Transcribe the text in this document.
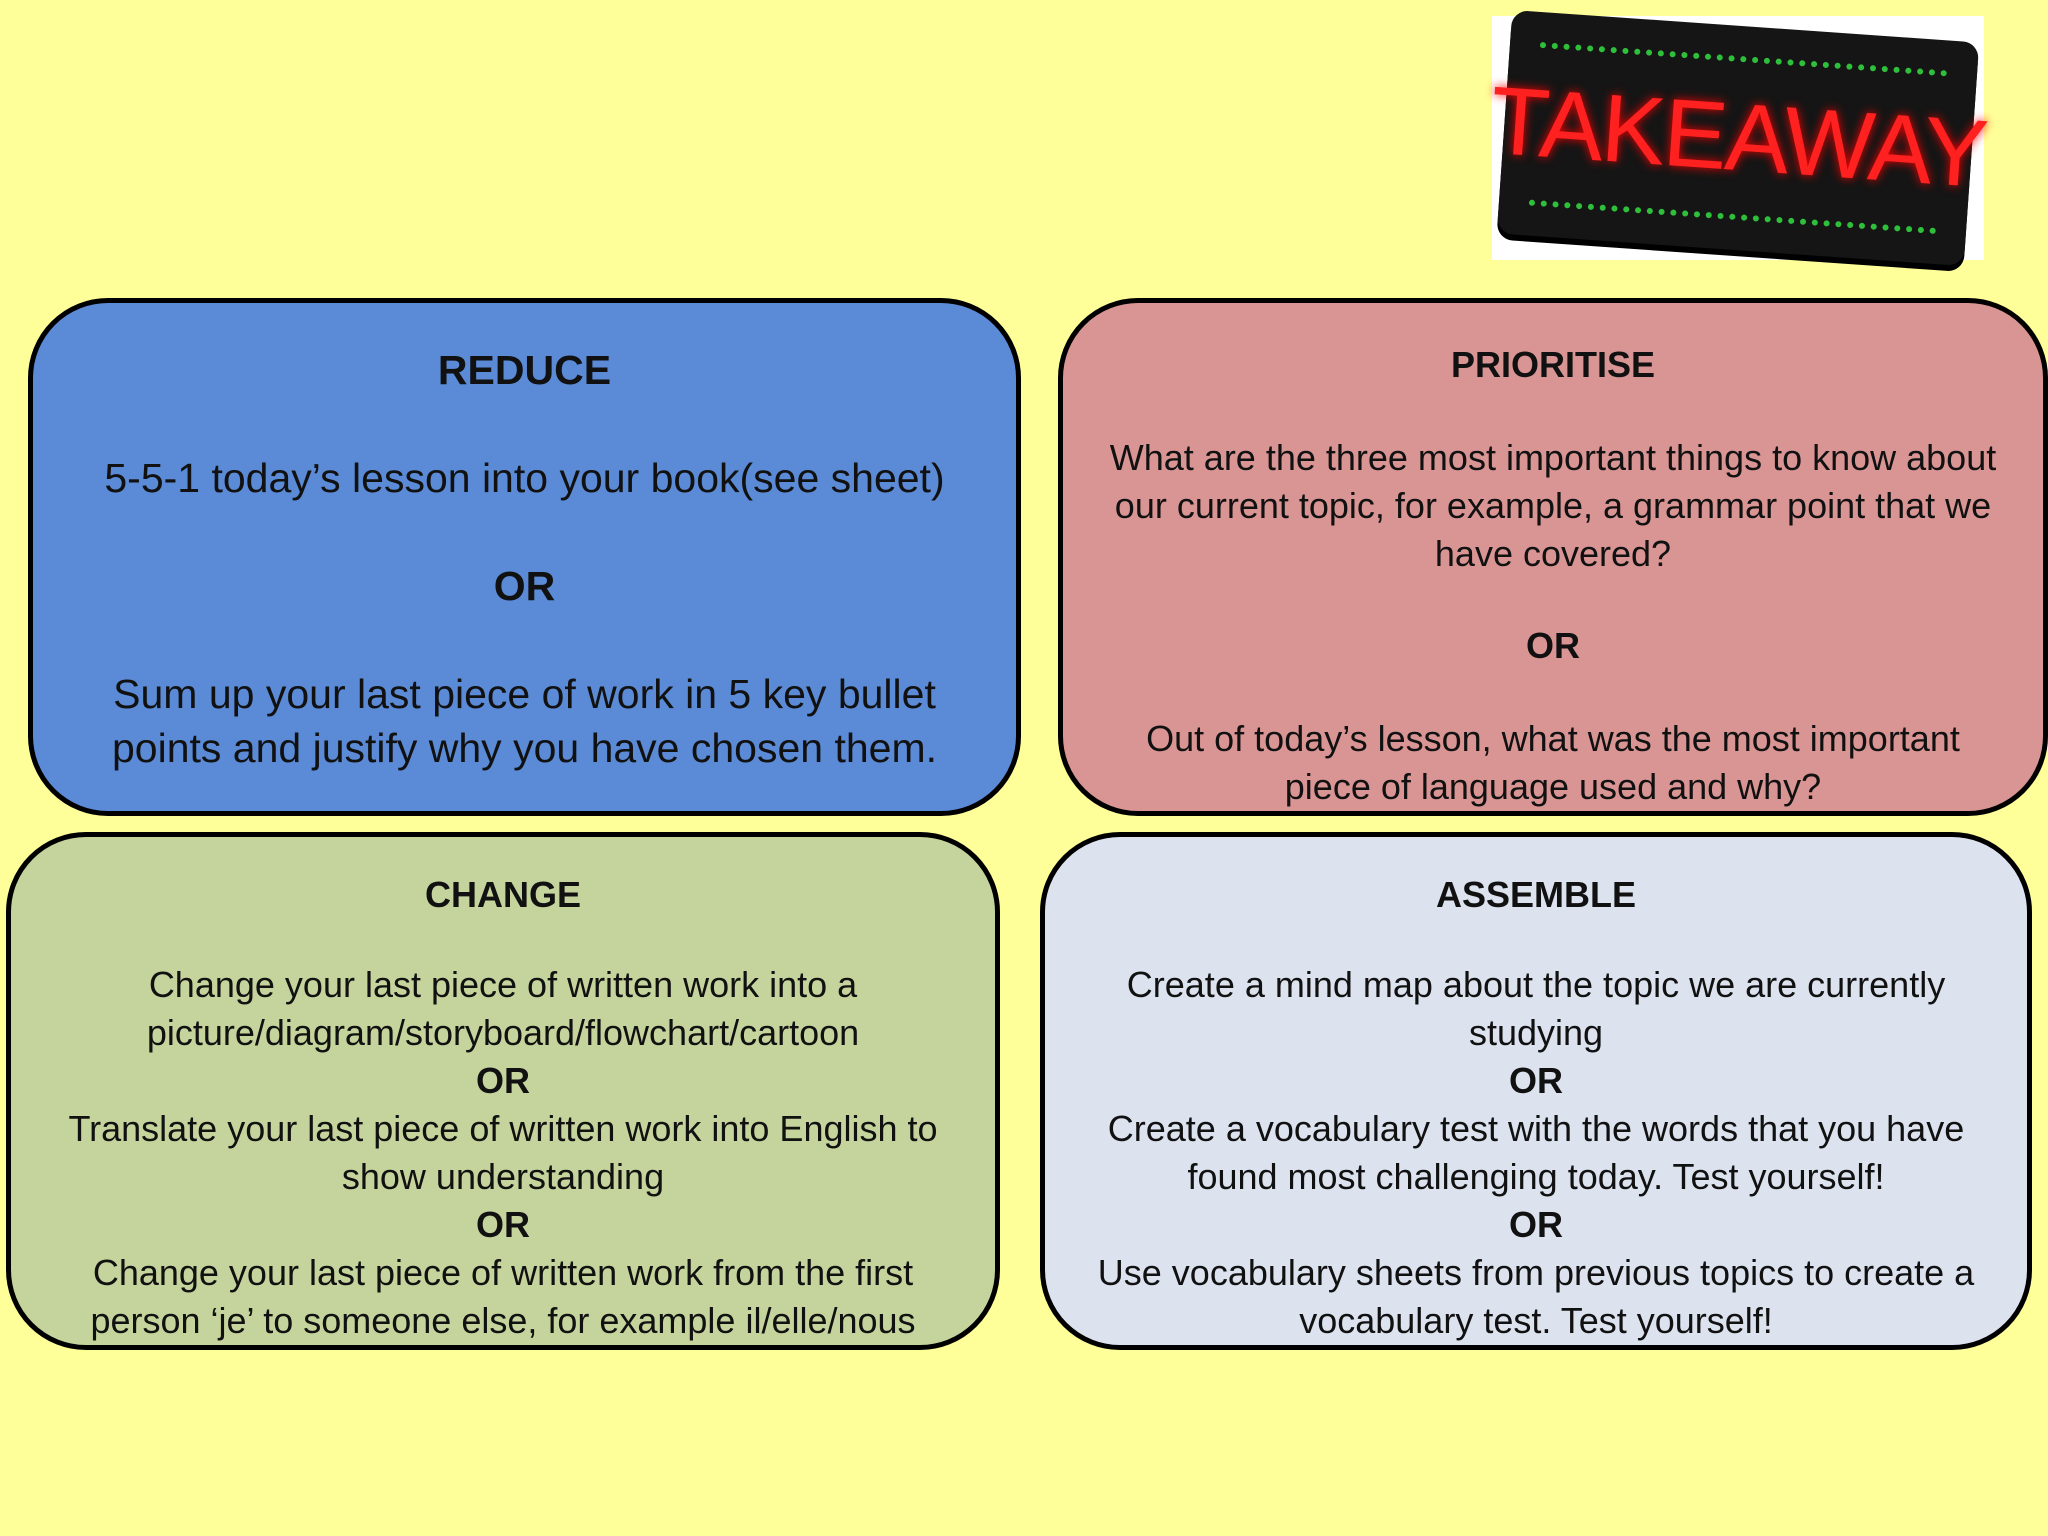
TAKEAWAY

REDUCE

5-5-1 today’s lesson into your book(see sheet)

OR

Sum up your last piece of work in 5 key bullet points and justify why you have chosen them.

PRIORITISE

What are the three most important things to know about our current topic, for example, a grammar point that we have covered?

OR

Out of today’s lesson, what was the most important piece of language used and why?

CHANGE

Change your last piece of written work into a picture/diagram/storyboard/flowchart/cartoon

OR

Translate your last piece of written work into English to show understanding

OR

Change your last piece of written work from the first person ‘je’ to someone else, for example il/elle/nous

ASSEMBLE

Create a mind map about the topic we are currently studying

OR

Create a vocabulary test with the words that you have found most challenging today. Test yourself!

OR

Use vocabulary sheets from previous topics to create a vocabulary test. Test yourself!
